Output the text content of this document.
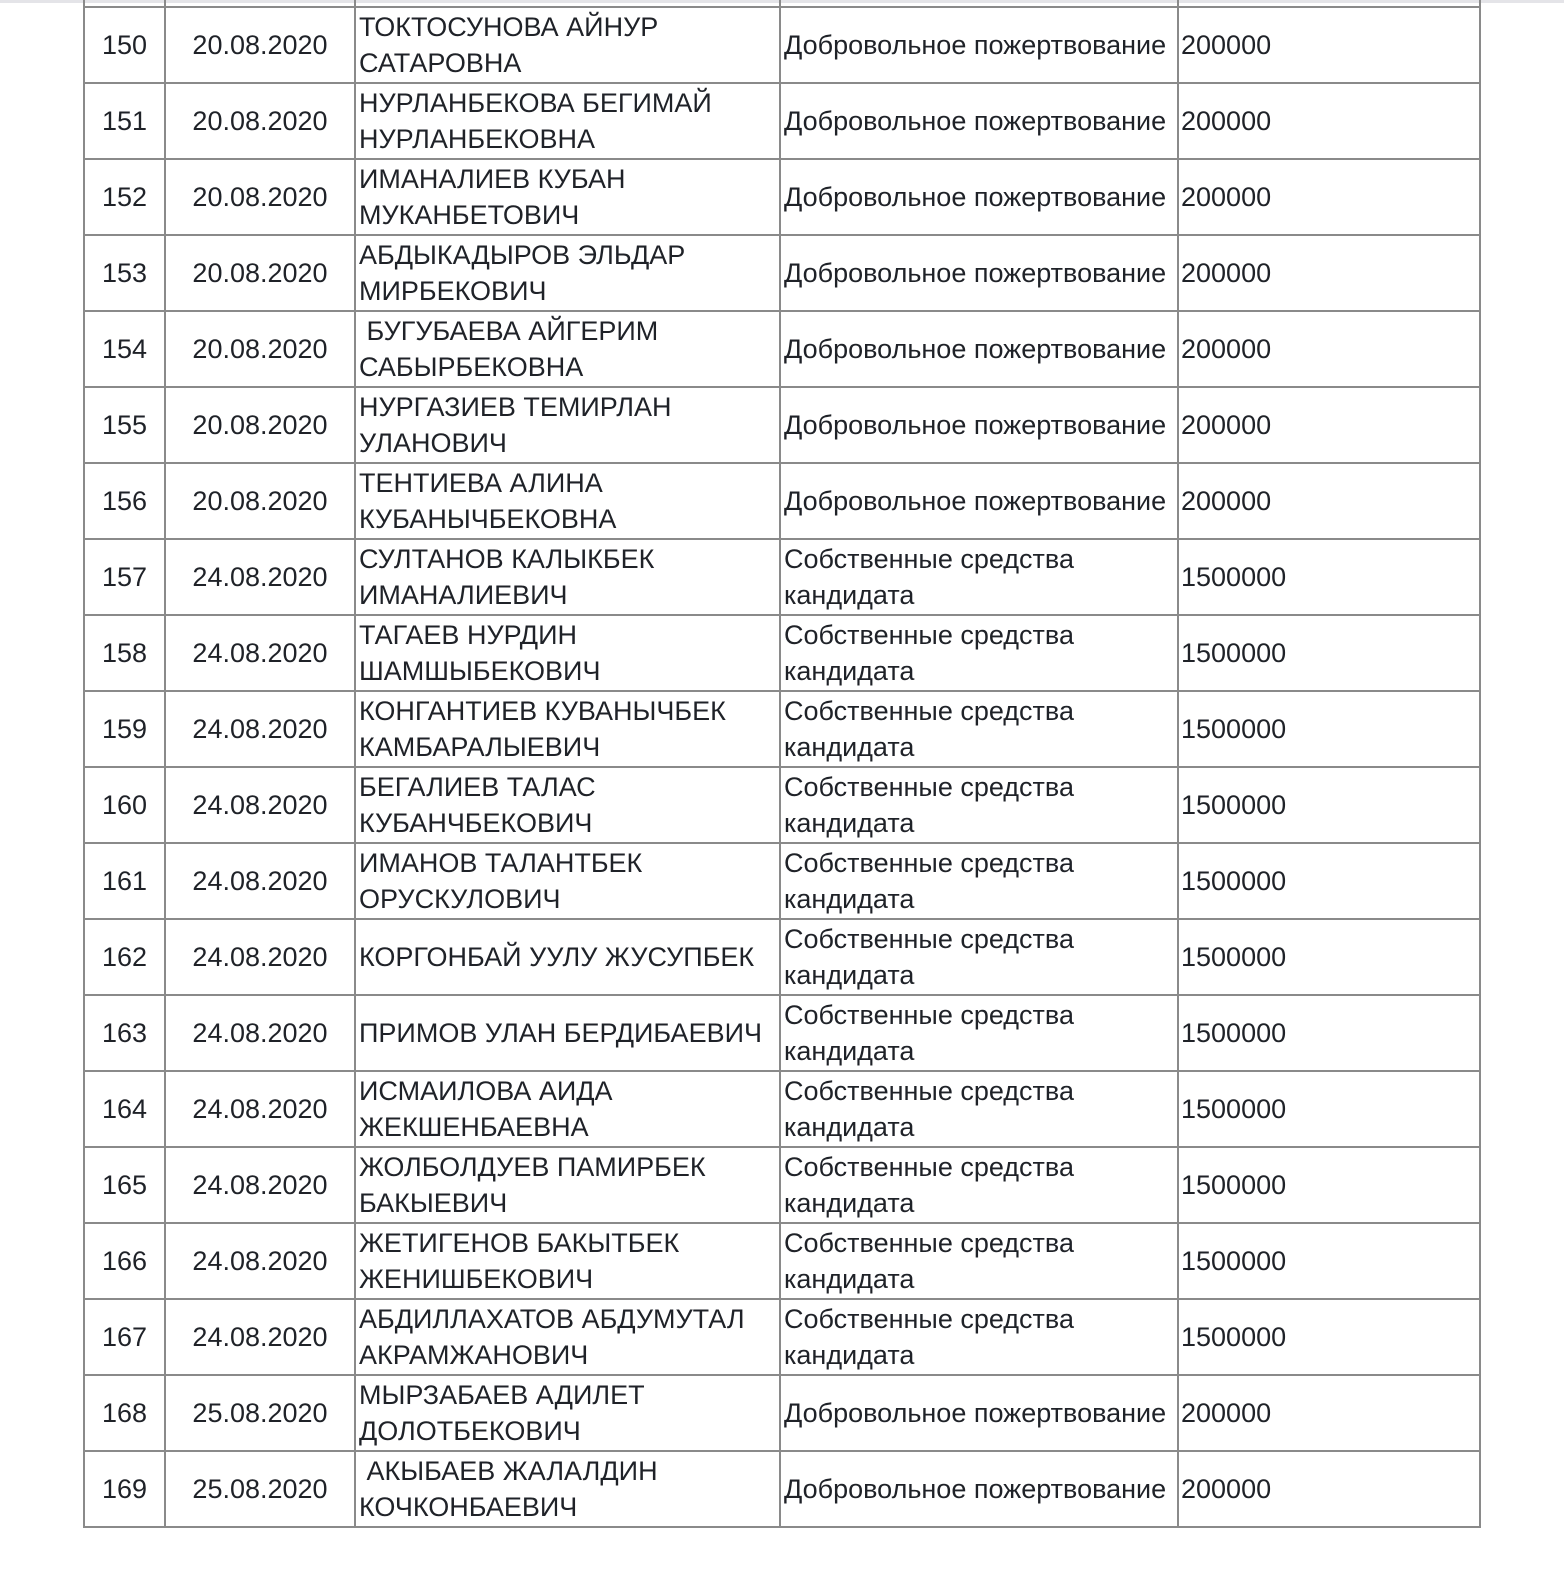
150	20.08.2020	ТОКТОСУНОВА АЙНУР САТАРОВНА	Добровольное пожертвование	200000
151	20.08.2020	НУРЛАНБЕКОВА БЕГИМАЙ НУРЛАНБЕКОВНА	Добровольное пожертвование	200000
152	20.08.2020	ИМАНАЛИЕВ КУБАН МУКАНБЕТОВИЧ	Добровольное пожертвование	200000
153	20.08.2020	АБДЫКАДЫРОВ ЭЛЬДАР МИРБЕКОВИЧ	Добровольное пожертвование	200000
154	20.08.2020	БУГУБАЕВА АЙГЕРИМ САБЫРБЕКОВНА	Добровольное пожертвование	200000
155	20.08.2020	НУРГАЗИЕВ ТЕМИРЛАН УЛАНОВИЧ	Добровольное пожертвование	200000
156	20.08.2020	ТЕНТИЕВА АЛИНА КУБАНЫЧБЕКОВНА	Добровольное пожертвование	200000
157	24.08.2020	СУЛТАНОВ КАЛЫКБЕК ИМАНАЛИЕВИЧ	Собственные средства кандидата	1500000
158	24.08.2020	ТАГАЕВ НУРДИН ШАМШЫБЕКОВИЧ	Собственные средства кандидата	1500000
159	24.08.2020	КОНГАНТИЕВ КУВАНЫЧБЕК КАМБАРАЛЫЕВИЧ	Собственные средства кандидата	1500000
160	24.08.2020	БЕГАЛИЕВ ТАЛАС КУБАНЧБЕКОВИЧ	Собственные средства кандидата	1500000
161	24.08.2020	ИМАНОВ ТАЛАНТБЕК ОРУСКУЛОВИЧ	Собственные средства кандидата	1500000
162	24.08.2020	КОРГОНБАЙ УУЛУ ЖУСУПБЕК	Собственные средства кандидата	1500000
163	24.08.2020	ПРИМОВ УЛАН БЕРДИБАЕВИЧ	Собственные средства кандидата	1500000
164	24.08.2020	ИСМАИЛОВА АИДА ЖЕКШЕНБАЕВНА	Собственные средства кандидата	1500000
165	24.08.2020	ЖОЛБОЛДУЕВ ПАМИРБЕК БАКЫЕВИЧ	Собственные средства кандидата	1500000
166	24.08.2020	ЖЕТИГЕНОВ БАКЫТБЕК ЖЕНИШБЕКОВИЧ	Собственные средства кандидата	1500000
167	24.08.2020	АБДИЛЛАХАТОВ АБДУМУТАЛ АКРАМЖАНОВИЧ	Собственные средства кандидата	1500000
168	25.08.2020	МЫРЗАБАЕВ АДИЛЕТ ДОЛОТБЕКОВИЧ	Добровольное пожертвование	200000
169	25.08.2020	АКЫБАЕВ ЖАЛАЛДИН КОЧКОНБАЕВИЧ	Добровольное пожертвование	200000
